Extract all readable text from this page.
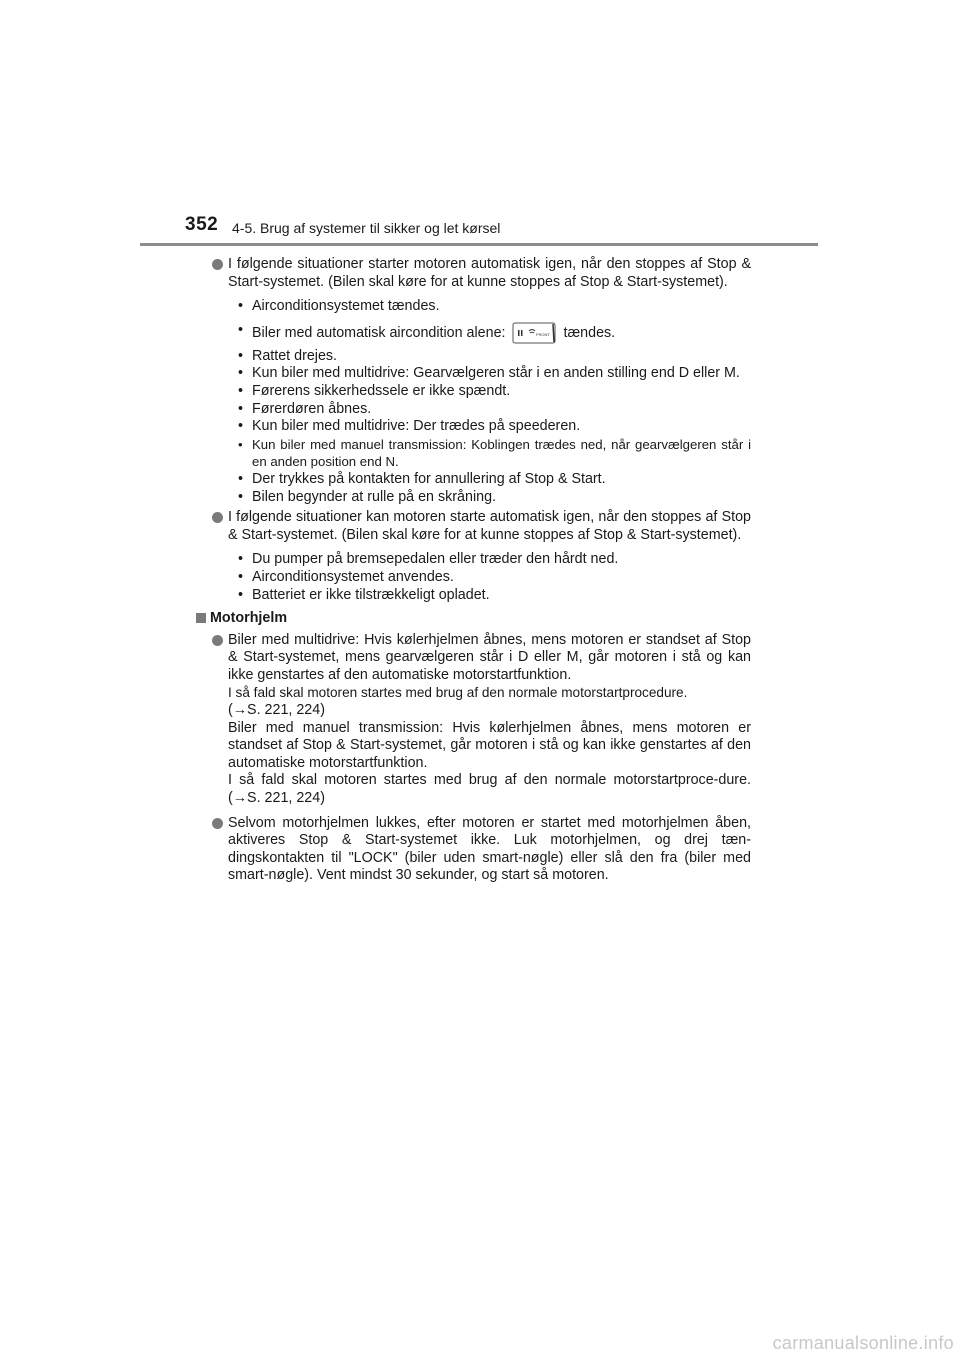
352 4-5. Brug af systemer til sikker og let kørsel
I følgende situationer starter motoren automatisk igen, når den stoppes af Stop & Start-systemet. (Bilen skal køre for at kunne stoppes af Stop & Start-systemet).
• Airconditionsystemet tændes.
• Biler med automatisk aircondition alene:	FRONT tændes.
• Rattet drejes.
• Kun biler med multidrive: Gearvælgeren står i en anden stilling end D eller M.
• Førerens sikkerhedssele er ikke spændt.
• Førerdøren åbnes.
• Kun biler med multidrive: Der trædes på speederen.
• Kun biler med manuel transmission: Koblingen trædes ned, når gearvælgeren står i en anden position end N.
• Der trykkes på kontakten for annullering af Stop & Start.
• Bilen begynder at rulle på en skråning.
I følgende situationer kan motoren starte automatisk igen, når den stoppes af Stop & Start-systemet. (Bilen skal køre for at kunne stoppes af Stop & Start-systemet).
• Du pumper på bremsepedalen eller træder den hårdt ned.
• Airconditionsystemet anvendes.
• Batteriet er ikke tilstrækkeligt opladet.
Motorhjelm
Biler med multidrive: Hvis kølerhjelmen åbnes, mens motoren er standset af Stop & Start-systemet, mens gearvælgeren står i D eller M, går motoren i stå og kan ikke genstartes af den automatiske motorstartfunktion.
I så fald skal motoren startes med brug af den normale motorstartprocedure.
(→S. 221, 224)
Biler med manuel transmission: Hvis kølerhjelmen åbnes, mens motoren er standset af Stop & Start-systemet, går motoren i stå og kan ikke genstartes af den automatiske motorstartfunktion.
I så fald skal motoren startes med brug af den normale motorstartproce-dure. (→S. 221, 224)
Selvom motorhjelmen lukkes, efter motoren er startet med motorhjelmen åben, aktiveres Stop & Start-systemet ikke. Luk motorhjelmen, og drej tæn-dingskontakten til "LOCK" (biler uden smart-nøgle) eller slå den fra (biler med smart-nøgle). Vent mindst 30 sekunder, og start så motoren.
carmanualsonline.info
